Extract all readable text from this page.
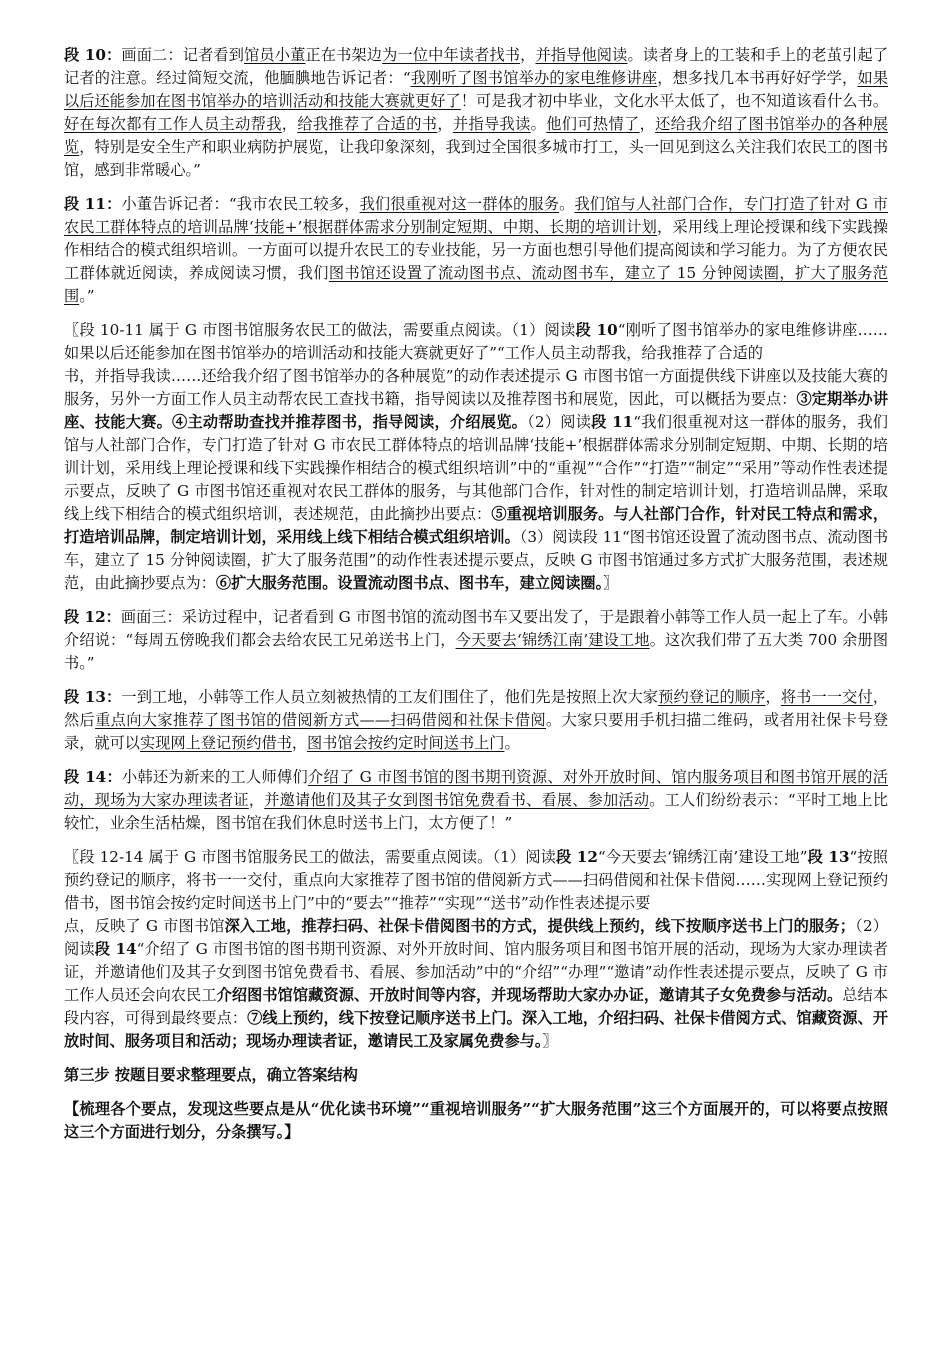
段 10：画面二：记者看到馆员小董正在书架边为一位中年读者找书，并指导他阅读。读者身上的工装和手上的老茧引起了记者的注意。经过简短交流，他腼腆地告诉记者：“我刚听了图书馆举办的家电维修讲座，想多找几本书再好好学学，如果以后还能参加在图书馆举办的培训活动和技能大赛就更好了！可是我才初中毕业，文化水平太低了，也不知道该看什么书。好在每次都有工作人员主动帮我，给我推荐了合适的书，并指导我读。他们可热情了，还给我介绍了图书馆举办的各种展览，特别是安全生产和职业病防护展览，让我印象深刻，我到过全国很多城市打工，头一回见到这么关注我们农民工的图书馆，感到非常暖心。”

段 11：小董告诉记者：“我市农民工较多，我们很重视对这一群体的服务。我们馆与人社部门合作，专门打造了针对 G 市农民工群体特点的培训品牌‘技能+’根据群体需求分别制定短期、中期、长期的培训计划，采用线上理论授课和线下实践操作相结合的模式组织培训。一方面可以提升农民工的专业技能，另一方面也想引导他们提高阅读和学习能力。为了方便农民工群体就近阅读，养成阅读习惯，我们图书馆还设置了流动图书点、流动图书车，建立了 15 分钟阅读圈，扩大了服务范围。”

〖段 10-11 属于 G 市图书馆服务农民工的做法，需要重点阅读。（1）阅读段 10“刚听了图书馆举办的家电维修讲座……如果以后还能参加在图书馆举办的培训活动和技能大赛就更好了”“工作人员主动帮我，给我推荐了合适的
书，并指导我读……还给我介绍了图书馆举办的各种展览”的动作表述提示 G 市图书馆一方面提供线下讲座以及技能大赛的服务，另外一方面工作人员主动帮农民工查找书籍，指导阅读以及推荐图书和展览，因此，可以概括为要点：③定期举办讲座、技能大赛。④主动帮助查找并推荐图书，指导阅读，介绍展览。（2）阅读段 11“我们很重视对这一群体的服务，我们馆与人社部门合作，专门打造了针对 G 市农民工群体特点的培训品牌‘技能+’根据群体需求分别制定短期、中期、长期的培训计划，采用线上理论授课和线下实践操作相结合的模式组织培训”中的“重视”“合作”“打造”“制定”“采用”等动作性表述提示要点，反映了 G 市图书馆还重视对农民工群体的服务，与其他部门合作，针对性的制定培训计划，打造培训品牌，采取线上线下相结合的模式组织培训，表述规范，由此摘抄出要点：⑤重视培训服务。与人社部门合作，针对民工特点和需求，打造培训品牌，制定培训计划，采用线上线下相结合模式组织培训。（3）阅读段 11“图书馆还设置了流动图书点、流动图书车，建立了 15 分钟阅读圈，扩大了服务范围”的动作性表述提示要点，反映 G 市图书馆通过多方式扩大服务范围，表述规范，由此摘抄要点为：⑥扩大服务范围。设置流动图书点、图书车，建立阅读圈。〗

段 12：画面三：采访过程中，记者看到 G 市图书馆的流动图书车又要出发了，于是跟着小韩等工作人员一起上了车。小韩介绍说：“每周五傍晚我们都会去给农民工兄弟送书上门，今天要去‘锦绣江南’建设工地。这次我们带了五大类 700 余册图书。”

段 13：一到工地，小韩等工作人员立刻被热情的工友们围住了，他们先是按照上次大家预约登记的顺序，将书一一交付，然后重点向大家推荐了图书馆的借阅新方式——扫码借阅和社保卡借阅。大家只要用手机扫描二维码，或者用社保卡号登录，就可以实现网上登记预约借书，图书馆会按约定时间送书上门。

段 14：小韩还为新来的工人师傅们介绍了 G 市图书馆的图书期刊资源、对外开放时间、馆内服务项目和图书馆开展的活动，现场为大家办理读者证，并邀请他们及其子女到图书馆免费看书、看展、参加活动。工人们纷纷表示：“平时工地上比较忙，业余生活枯燥，图书馆在我们休息时送书上门，太方便了！”

〖段 12-14 属于 G 市图书馆服务民工的做法，需要重点阅读。（1）阅读段 12“今天要去‘锦绣江南’建设工地”段 13“按照预约登记的顺序，将书一一交付，重点向大家推荐了图书馆的借阅新方式——扫码借阅和社保卡借阅……实现网上登记预约借书，图书馆会按约定时间送书上门”中的“要去”“推荐”“实现”“送书”动作性表述提示要
点，反映了 G 市图书馆深入工地，推荐扫码、社保卡借阅图书的方式，提供线上预约，线下按顺序送书上门的服务；（2）阅读段 14“介绍了 G 市图书馆的图书期刊资源、对外开放时间、馆内服务项目和图书馆开展的活动，现场为大家办理读者证，并邀请他们及其子女到图书馆免费看书、看展、参加活动”中的“介绍”“办理”“邀请”动作性表述提示要点，反映了 G 市工作人员还会向农民工介绍图书馆馆藏资源、开放时间等内容，并现场帮助大家办办证，邀请其子女免费参与活动。总结本段内容，可得到最终要点：⑦线上预约，线下按登记顺序送书上门。深入工地，介绍扫码、社保卡借阅方式、馆藏资源、开放时间、服务项目和活动；现场办理读者证，邀请民工及家属免费参与。〗

第三步 按题目要求整理要点，确立答案结构

【梳理各个要点，发现这些要点是从“优化读书环境”“重视培训服务”“扩大服务范围”这三个方面展开的，可以将要点按照这三个方面进行划分，分条撰写。】
